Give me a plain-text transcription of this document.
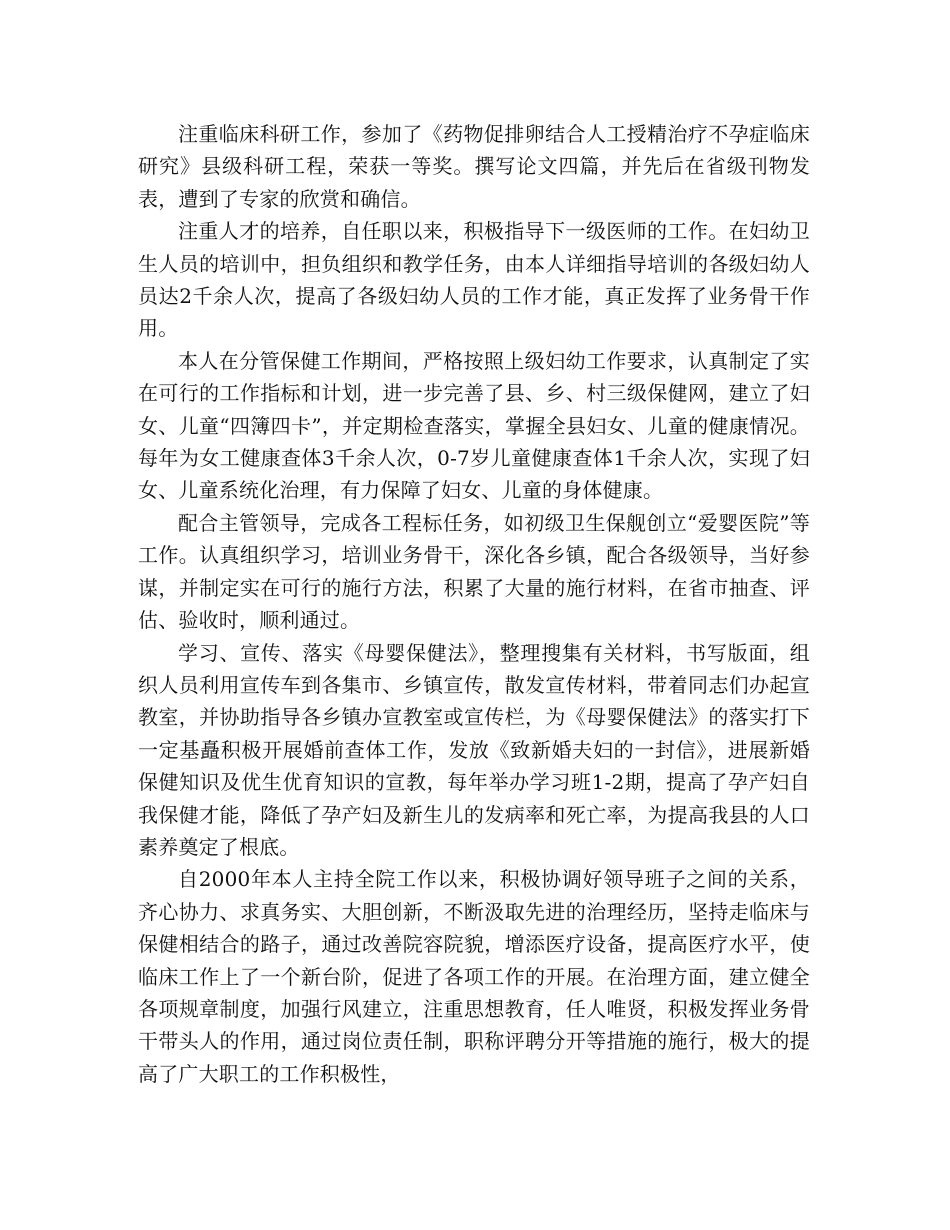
注重临床科研工作，参加了《药物促排卵结合人工授精治疗不孕症临床研究》县级科研工程，荣获一等奖。撰写论文四篇，并先后在省级刊物发表，遭到了专家的欣赏和确信。

注重人才的培养，自任职以来，积极指导下一级医师的工作。在妇幼卫生人员的培训中，担负组织和教学任务，由本人详细指导培训的各级妇幼人员达2千余人次，提高了各级妇幼人员的工作才能，真正发挥了业务骨干作用。

本人在分管保健工作期间，严格按照上级妇幼工作要求，认真制定了实在可行的工作指标和计划，进一步完善了县、乡、村三级保健网，建立了妇女、儿童“四簿四卡”，并定期检查落实，掌握全县妇女、儿童的健康情况。每年为女工健康查体3千余人次，0-7岁儿童健康查体1千余人次，实现了妇女、儿童系统化治理，有力保障了妇女、儿童的身体健康。

配合主管领导，完成各工程标任务，如初级卫生保舰创立“爱婴医院”等工作。认真组织学习，培训业务骨干，深化各乡镇，配合各级领导，当好参谋，并制定实在可行的施行方法，积累了大量的施行材料，在省市抽查、评估、验收时，顺利通过。

学习、宣传、落实《母婴保健法》，整理搜集有关材料，书写版面，组织人员利用宣传车到各集市、乡镇宣传，散发宣传材料，带着同志们办起宣教室，并协助指导各乡镇办宣教室或宣传栏，为《母婴保健法》的落实打下一定基矗积极开展婚前查体工作，发放《致新婚夫妇的一封信》，进展新婚保健知识及优生优育知识的宣教，每年举办学习班1-2期，提高了孕产妇自我保健才能，降低了孕产妇及新生儿的发病率和死亡率，为提高我县的人口素养奠定了根底。

自2000年本人主持全院工作以来，积极协调好领导班子之间的关系，齐心协力、求真务实、大胆创新，不断汲取先进的治理经历，坚持走临床与保健相结合的路子，通过改善院容院貌，增添医疗设备，提高医疗水平，使临床工作上了一个新台阶，促进了各项工作的开展。在治理方面，建立健全各项规章制度，加强行风建立，注重思想教育，任人唯贤，积极发挥业务骨干带头人的作用，通过岗位责任制，职称评聘分开等措施的施行，极大的提高了广大职工的工作积极性，
